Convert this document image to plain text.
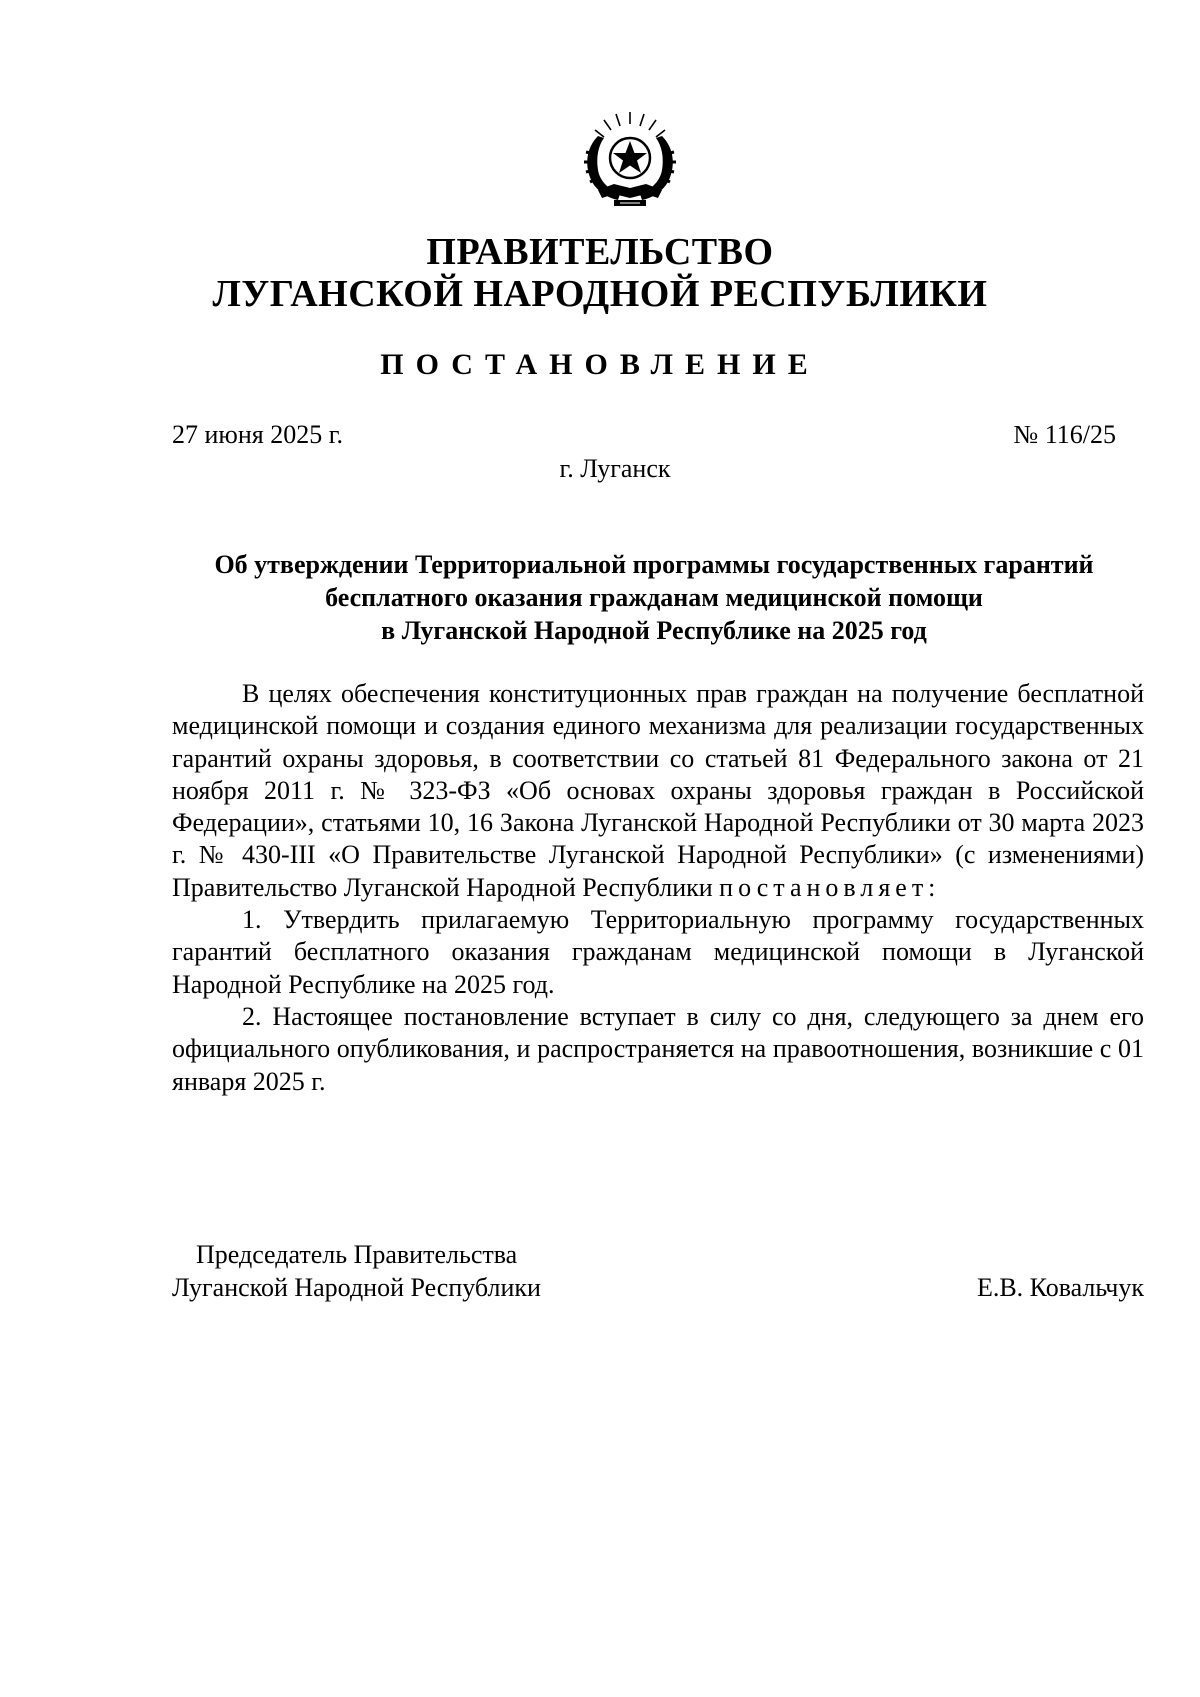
ПРАВИТЕЛЬСТВО
ЛУГАНСКОЙ НАРОДНОЙ РЕСПУБЛИКИ
ПОСТАНОВЛЕНИЕ
27 июня 2025 г.	№ 116/25
г. Луганск
Об утверждении Территориальной программы государственных гарантий
бесплатного оказания гражданам медицинской помощи
в Луганской Народной Республике на 2025 год

В целях обеспечения конституционных прав граждан на получение бесплатной медицинской помощи и создания единого механизма для реализации государственных гарантий охраны здоровья, в соответствии со статьей 81 Федерального закона от 21 ноября 2011 г. № 323-ФЗ «Об основах охраны здоровья граждан в Российской Федерации», статьями 10, 16 Закона Луганской Народной Республики от 30 марта 2023 г. № 430-III «О Правительстве Луганской Народной Республики» (с изменениями) Правительство Луганской Народной Республики постановляет:

1. Утвердить прилагаемую Территориальную программу государственных гарантий бесплатного оказания гражданам медицинской помощи в Луганской Народной Республике на 2025 год.

2. Настоящее постановление вступает в силу со дня, следующего за днем его официального опубликования, и распространяется на правоотношения, возникшие с 01 января 2025 г.

Председатель Правительства
Луганской Народной Республики	Е.В. Ковальчук
